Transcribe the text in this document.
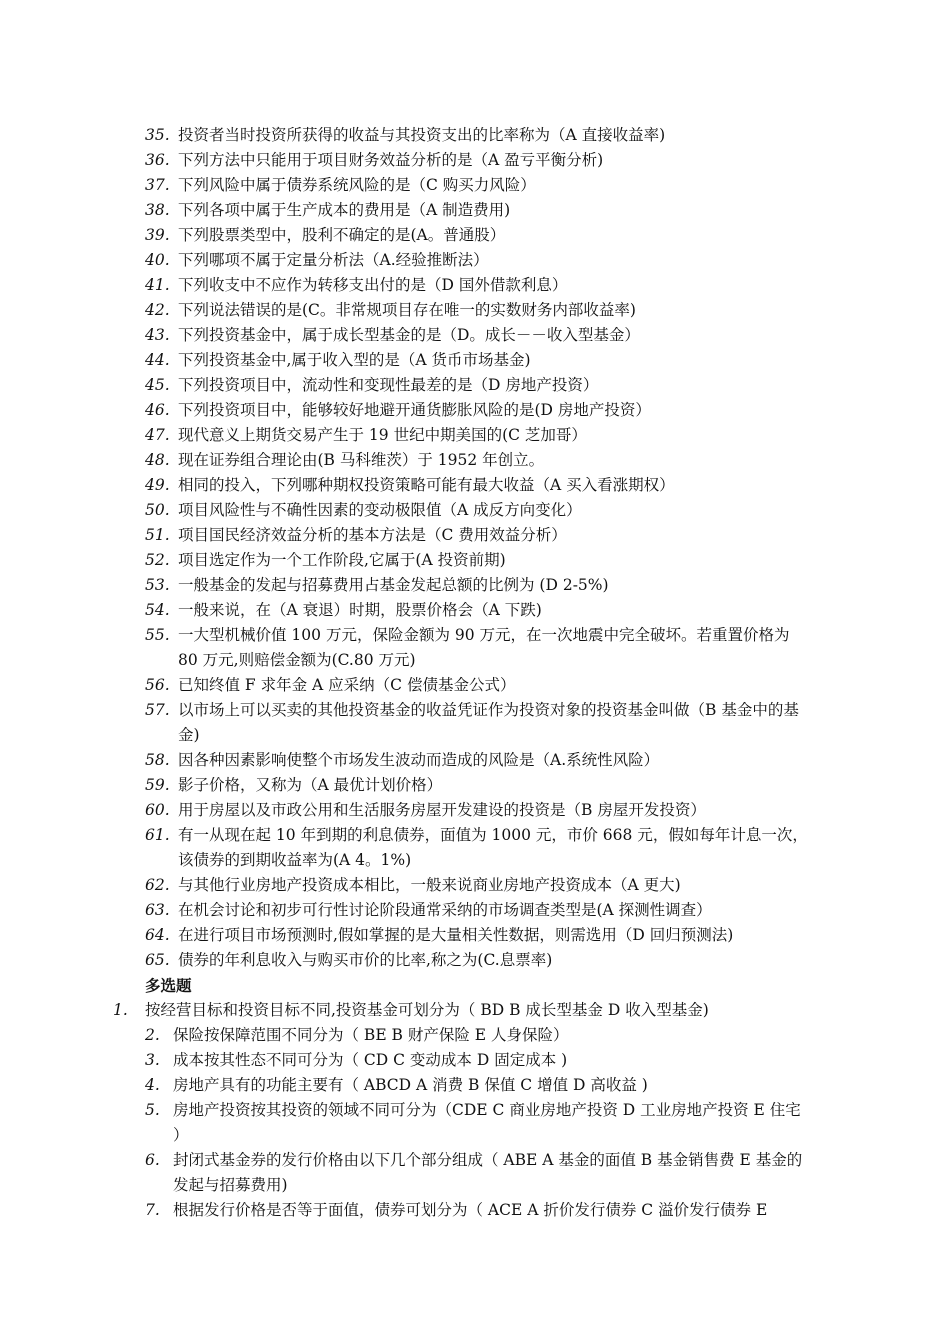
35. 投资者当时投资所获得的收益与其投资支出的比率称为（A 直接收益率)
36. 下列方法中只能用于项目财务效益分析的是（A 盈亏平衡分析)
37. 下列风险中属于债券系统风险的是（C 购买力风险）
38. 下列各项中属于生产成本的费用是（A 制造费用)
39. 下列股票类型中，股利不确定的是(A。普通股）
40. 下列哪项不属于定量分析法（A.经验推断法）
41. 下列收支中不应作为转移支出付的是（D 国外借款利息）
42. 下列说法错误的是(C。非常规项目存在唯一的实数财务内部收益率)
43. 下列投资基金中，属于成长型基金的是（D。成长－－收入型基金）
44. 下列投资基金中,属于收入型的是（A 货币市场基金)
45. 下列投资项目中，流动性和变现性最差的是（D 房地产投资）
46. 下列投资项目中，能够较好地避开通货膨胀风险的是(D 房地产投资）
47. 现代意义上期货交易产生于 19 世纪中期美国的(C 芝加哥）
48. 现在证券组合理论由(B 马科维茨）于 1952 年创立。
49. 相同的投入，下列哪种期权投资策略可能有最大收益（A 买入看涨期权）
50. 项目风险性与不确性因素的变动极限值（A 成反方向变化）
51. 项目国民经济效益分析的基本方法是（C 费用效益分析）
52. 项目选定作为一个工作阶段,它属于(A 投资前期)
53. 一般基金的发起与招募费用占基金发起总额的比例为 (D 2-5%)
54. 一般来说，在（A 衰退）时期，股票价格会（A 下跌)
55. 一大型机械价值 100 万元，保险金额为 90 万元，在一次地震中完全破坏。若重置价格为 80 万元,则赔偿金额为(C.80 万元)
56. 已知终值 F 求年金 A 应采纳（C 偿债基金公式）
57. 以市场上可以买卖的其他投资基金的收益凭证作为投资对象的投资基金叫做（B 基金中的基金)
58. 因各种因素影响使整个市场发生波动而造成的风险是（A.系统性风险）
59. 影子价格，又称为（A 最优计划价格）
60. 用于房屋以及市政公用和生活服务房屋开发建设的投资是（B 房屋开发投资）
61. 有一从现在起 10 年到期的利息债券，面值为 1000 元，市价 668 元，假如每年计息一次，该债券的到期收益率为(A 4。1%)
62. 与其他行业房地产投资成本相比，一般来说商业房地产投资成本（A 更大)
63. 在机会讨论和初步可行性讨论阶段通常采纳的市场调查类型是(A 探测性调查）
64. 在进行项目市场预测时,假如掌握的是大量相关性数据，则需选用（D 回归预测法)
65. 债券的年利息收入与购买市价的比率,称之为(C.息票率)
多选题
1. 按经营目标和投资目标不同,投资基金可划分为（ BD B 成长型基金 D 收入型基金)
2. 保险按保障范围不同分为（ BE B 财产保险 E 人身保险）
3. 成本按其性态不同可分为（ CD C 变动成本 D 固定成本 )
4. 房地产具有的功能主要有（ ABCD A 消费 B 保值 C 增值 D 高收益 )
5. 房地产投资按其投资的领域不同可分为（CDE C 商业房地产投资 D 工业房地产投资 E 住宅 ）
6. 封闭式基金券的发行价格由以下几个部分组成（ ABE A 基金的面值 B 基金销售费 E 基金的发起与招募费用)
7. 根据发行价格是否等于面值，债券可划分为（ ACE A 折价发行债券 C 溢价发行债券 E
